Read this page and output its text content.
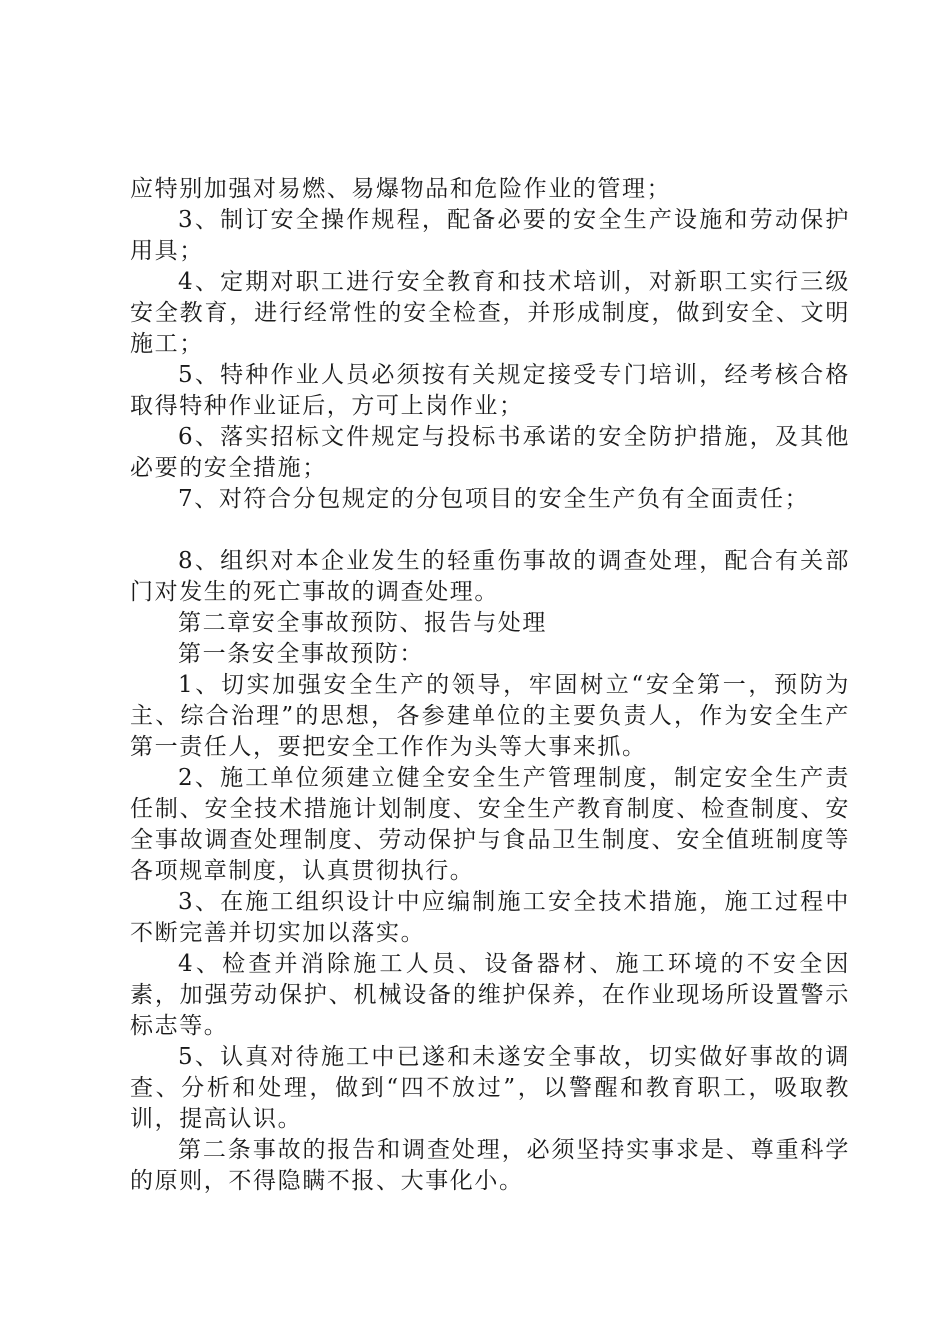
应特别加强对易燃、易爆物品和危险作业的管理；

3、制订安全操作规程，配备必要的安全生产设施和劳动保护用具；

4、定期对职工进行安全教育和技术培训，对新职工实行三级安全教育，进行经常性的安全检查，并形成制度，做到安全、文明施工；

5、特种作业人员必须按有关规定接受专门培训，经考核合格取得特种作业证后，方可上岗作业；

6、落实招标文件规定与投标书承诺的安全防护措施，及其他必要的安全措施；

7、对符合分包规定的分包项目的安全生产负有全面责任；

8、组织对本企业发生的轻重伤事故的调查处理，配合有关部门对发生的死亡事故的调查处理。

第二章安全事故预防、报告与处理

第一条安全事故预防：

1、切实加强安全生产的领导，牢固树立“安全第一，预防为主、综合治理”的思想，各参建单位的主要负责人，作为安全生产第一责任人，要把安全工作作为头等大事来抓。

2、施工单位须建立健全安全生产管理制度，制定安全生产责任制、安全技术措施计划制度、安全生产教育制度、检查制度、安全事故调查处理制度、劳动保护与食品卫生制度、安全值班制度等各项规章制度，认真贯彻执行。

3、在施工组织设计中应编制施工安全技术措施，施工过程中不断完善并切实加以落实。

4、检查并消除施工人员、设备器材、施工环境的不安全因素，加强劳动保护、机械设备的维护保养，在作业现场所设置警示标志等。

5、认真对待施工中已遂和未遂安全事故，切实做好事故的调查、分析和处理，做到“四不放过”，以警醒和教育职工，吸取教训，提高认识。

第二条事故的报告和调查处理，必须坚持实事求是、尊重科学的原则，不得隐瞒不报、大事化小。
